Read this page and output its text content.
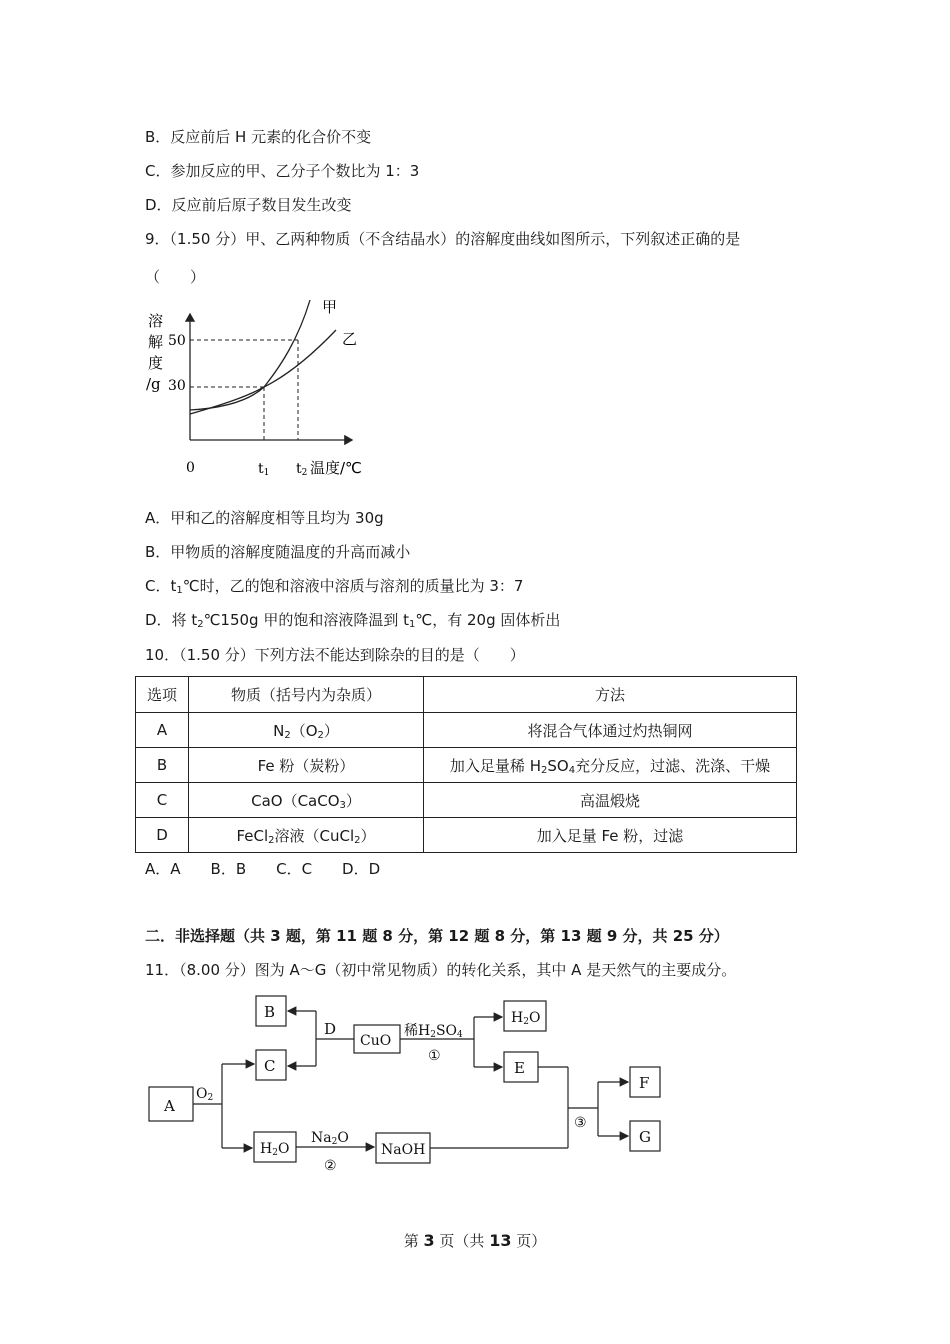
B．反应前后 H 元素的化合价不变
C．参加反应的甲、乙分子个数比为 1：3
D．反应前后原子数目发生改变
9．（1.50 分）甲、乙两种物质（不含结晶水）的溶解度曲线如图所示，下列叙述正确的是
（　　）
溶
解
度
/g
50
30
0	t1 t2 温度/℃
甲
乙
A．甲和乙的溶解度相等且均为 30g
B．甲物质的溶解度随温度的升高而减小
C．$t_1℃$时，乙的饱和溶液中溶质与溶剂的质量比为 3：7
D．将 $t_2℃150g$ 甲的饱和溶液降温到 $t_1℃$，有 20g 固体析出
10．（1.50 分）下列方法不能达到除杂的目的是（　　）
选项	物质（括号内为杂质）	方法
A	$N_2(O_2)$	将混合气体通过灼热铜网
B	Fe 粉（炭粉）	加入足量稀 $H_2SO_4$充分反应，过滤、洗涤、干燥
C	CaO（CaCO$_3$）	高温煅烧
D	FeCl$_2$溶液（CuCl$_2$）	加入足量 Fe 粉，过滤
A．A　　B．B　　C．C　　D．D
二．非选择题（共 3 题，第 11 题 8 分，第 12 题 8 分，第 13 题 9 分，共 25 分）
11．（8.00 分）图为 A～G（初中常见物质）的转化关系，其中 A 是天然气的主要成分。
A
B
C
CuO
H2O
E
H2O	NaOH
F
G
O2
D	稀H2SO4
①
Na2O
②
③
第 3 页（共 13 页）
